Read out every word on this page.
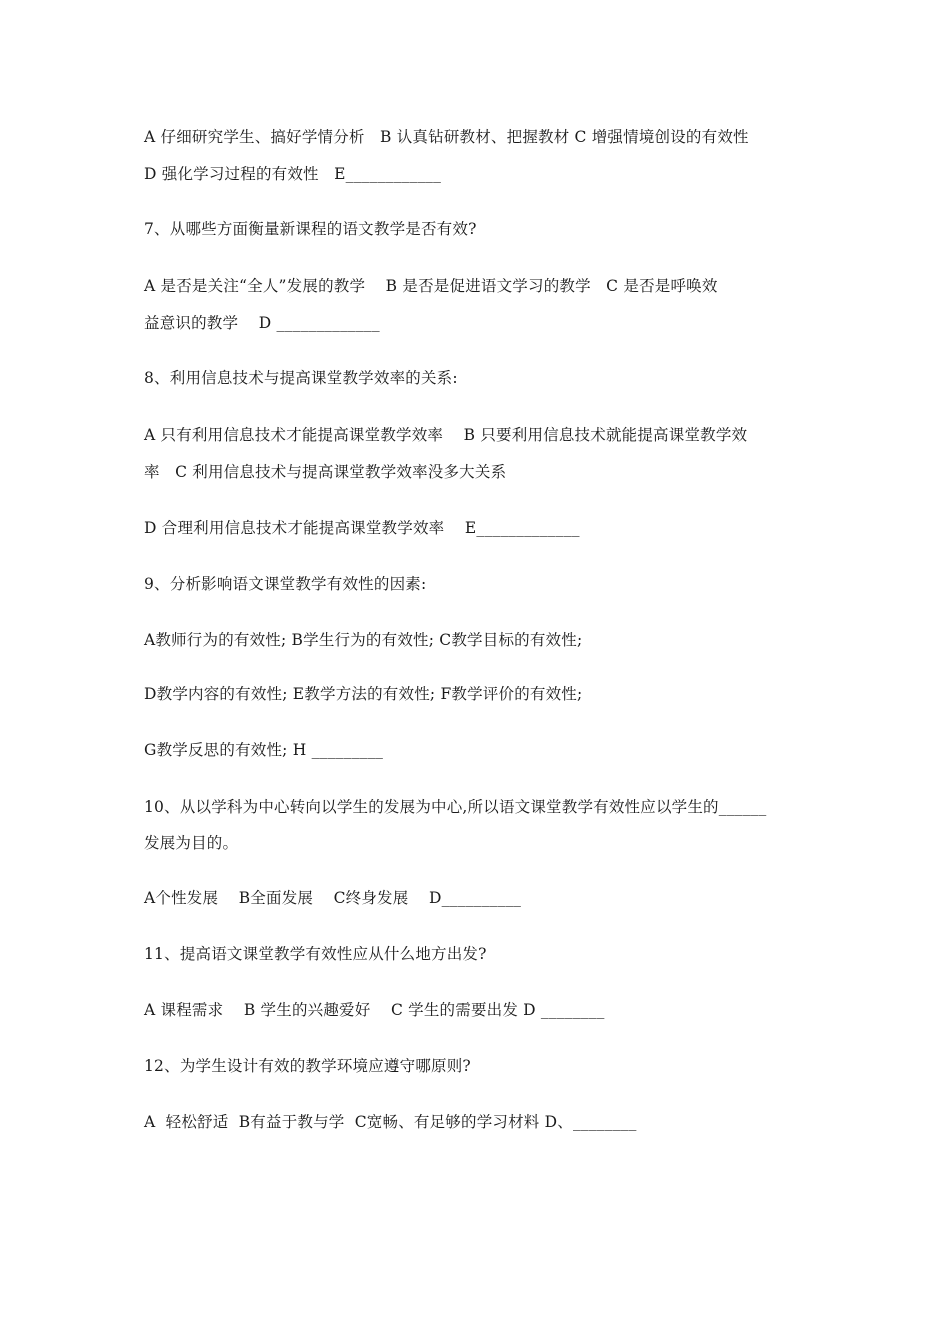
A 仔细研究学生、搞好学情分析   B 认真钻研教材、把握教材 C 增强情境创设的有效性
D 强化学习过程的有效性   E____________
7、从哪些方面衡量新课程的语文教学是否有效?
A 是否是关注“全人”发展的教学    B 是否是促进语文学习的教学   C 是否是呼唤效
益意识的教学    D _____________
8、利用信息技术与提高课堂教学效率的关系:
A 只有利用信息技术才能提高课堂教学效率    B 只要利用信息技术就能提高课堂教学效
率   C 利用信息技术与提高课堂教学效率没多大关系
D 合理利用信息技术才能提高课堂教学效率    E_____________
9、分析影响语文课堂教学有效性的因素:
A教师行为的有效性; B学生行为的有效性; C教学目标的有效性;
D教学内容的有效性; E教学方法的有效性; F教学评价的有效性;
G教学反思的有效性; H _________
10、从以学科为中心转向以学生的发展为中心,所以语文课堂教学有效性应以学生的______
发展为目的。
A个性发展    B全面发展    C终身发展    D__________
11、提高语文课堂教学有效性应从什么地方出发?
A 课程需求    B 学生的兴趣爱好    C 学生的需要出发 D ________
12、为学生设计有效的教学环境应遵守哪原则?
A  轻松舒适  B有益于教与学  C宽畅、有足够的学习材料 D、________
